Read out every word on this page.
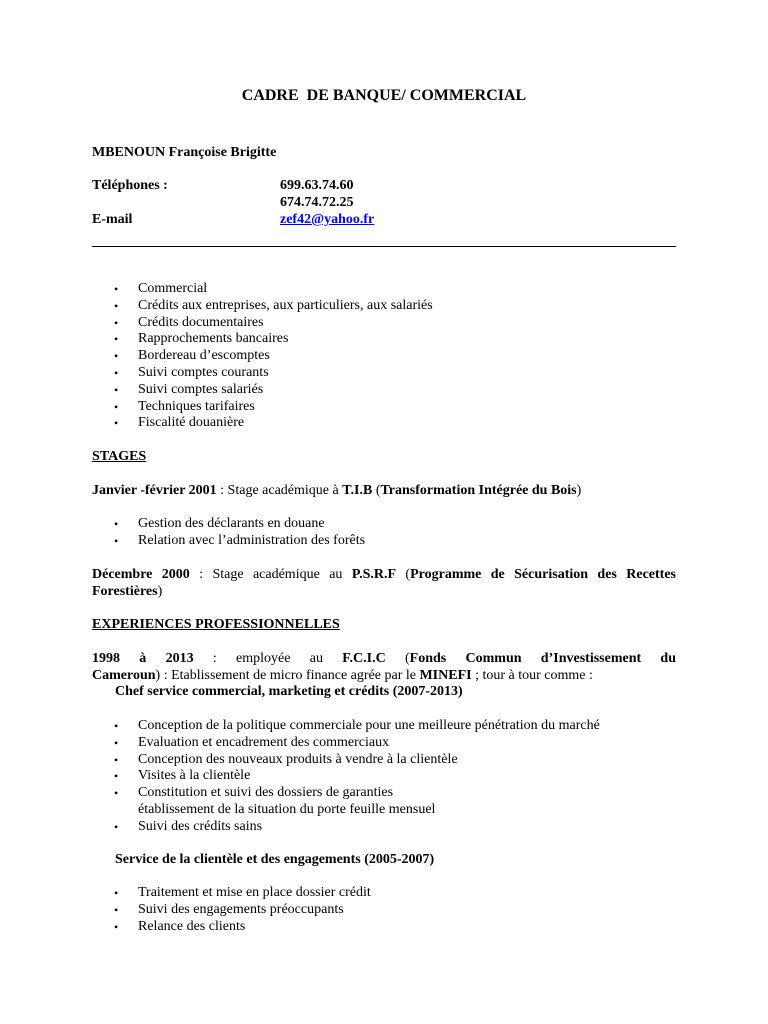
CADRE  DE BANQUE/ COMMERCIAL
MBENOUN Françoise Brigitte
Téléphones :	699.63.74.60
674.74.72.25
E-mail	zef42@yahoo.fr
• Commercial
• Crédits aux entreprises, aux particuliers, aux salariés
• Crédits documentaires
• Rapprochements bancaires
• Bordereau d’escomptes
• Suivi comptes courants
• Suivi comptes salariés
• Techniques tarifaires
• Fiscalité douanière
STAGES
Janvier -février 2001 : Stage académique à T.I.B (Transformation Intégrée du Bois)
• Gestion des déclarants en douane
• Relation avec l’administration des forêts
Décembre 2000 : Stage académique au P.S.R.F (Programme de Sécurisation des Recettes
Forestières)
EXPERIENCES PROFESSIONNELLES
1998 à 2013 : employée au F.C.I.C (Fonds Commun d’Investissement du
Cameroun) : Etablissement de micro finance agrée par le MINEFI ; tour à tour comme :
Chef service commercial, marketing et crédits (2007-2013)
• Conception de la politique commerciale pour une meilleure pénétration du marché
• Evaluation et encadrement des commerciaux
• Conception des nouveaux produits à vendre à la clientèle
• Visites à la clientèle
• Constitution et suivi des dossiers de garanties
établissement de la situation du porte feuille mensuel
• Suivi des crédits sains
Service de la clientèle et des engagements (2005-2007)
• Traitement et mise en place dossier crédit
• Suivi des engagements préoccupants
• Relance des clients
